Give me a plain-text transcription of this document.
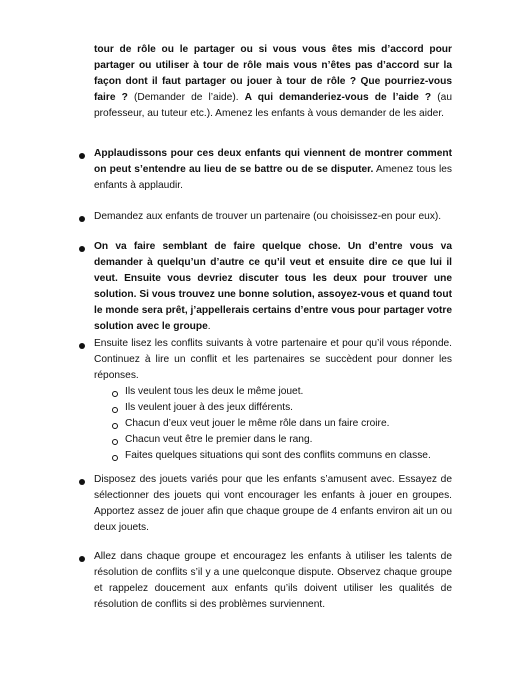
tour de rôle ou le partager ou si vous vous êtes mis d’accord pour partager ou utiliser à tour de rôle mais vous n’êtes pas d’accord sur la façon dont il faut partager ou jouer à tour de rôle ? Que pourriez-vous faire ? (Demander de l’aide). A qui demanderiez-vous de l’aide ? (au professeur, au tuteur etc.). Amenez les enfants à vous demander de les aider.
Applaudissons pour ces deux enfants qui viennent de montrer comment on peut s’entendre au lieu de se battre ou de se disputer. Amenez tous les enfants à applaudir.
Demandez aux enfants de trouver un partenaire (ou choisissez-en pour eux).
On va faire semblant de faire quelque chose. Un d’entre vous va demander à quelqu’un d’autre ce qu’il veut et ensuite dire ce que lui il veut. Ensuite vous devriez discuter tous les deux pour trouver une solution. Si vous trouvez une bonne solution, assoyez-vous et quand tout le monde sera prêt, j’appellerais certains d’entre vous pour partager votre solution avec le groupe.
Ensuite lisez les conflits suivants à votre partenaire et pour qu’il vous réponde. Continuez à lire un conflit et les partenaires se succèdent pour donner les réponses.
Ils veulent tous les deux le même jouet.
Ils veulent jouer à des jeux différents.
Chacun d’eux veut jouer le même rôle dans un faire croire.
Chacun veut être le premier dans le rang.
Faites quelques situations qui sont des conflits communs en classe.
Disposez des jouets variés pour que les enfants s’amusent avec. Essayez de sélectionner des jouets qui vont encourager les enfants à jouer en groupes. Apportez assez de jouer afin que chaque groupe de 4 enfants environ ait un ou deux jouets.
Allez dans chaque groupe et encouragez les enfants à utiliser les talents de résolution de conflits s’il y a une quelconque dispute. Observez chaque groupe et rappelez doucement aux enfants qu’ils doivent utiliser les qualités de résolution de conflits si des problèmes surviennent.
